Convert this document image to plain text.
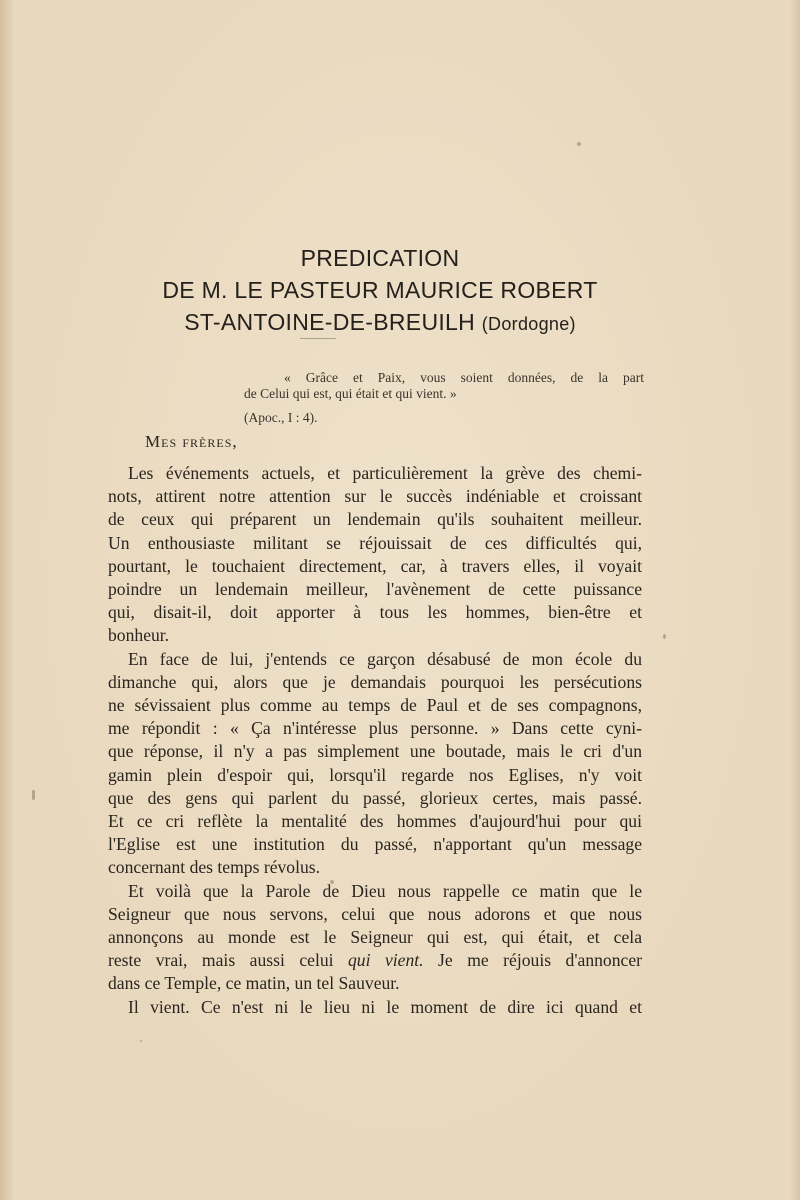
PREDICATION
DE M. LE PASTEUR MAURICE ROBERT
ST-ANTOINE-DE-BREUILH (Dordogne)
« Grâce et Paix, vous soient données, de la part
de Celui qui est, qui était et qui vient. »
(Apoc., I : 4).
Mes frères,
Les événements actuels, et particulièrement la grève des chemi-
nots, attirent notre attention sur le succès indéniable et croissant
de ceux qui préparent un lendemain qu'ils souhaitent meilleur.
Un enthousiaste militant se réjouissait de ces difficultés qui,
pourtant, le touchaient directement, car, à travers elles, il voyait
poindre un lendemain meilleur, l'avènement de cette puissance
qui, disait-il, doit apporter à tous les hommes, bien-être et
bonheur.
En face de lui, j'entends ce garçon désabusé de mon école du
dimanche qui, alors que je demandais pourquoi les persécutions
ne sévissaient plus comme au temps de Paul et de ses compagnons,
me répondit : « Ça n'intéresse plus personne. » Dans cette cyni-
que réponse, il n'y a pas simplement une boutade, mais le cri d'un
gamin plein d'espoir qui, lorsqu'il regarde nos Eglises, n'y voit
que des gens qui parlent du passé, glorieux certes, mais passé.
Et ce cri reflète la mentalité des hommes d'aujourd'hui pour qui
l'Eglise est une institution du passé, n'apportant qu'un message
concernant des temps révolus.
Et voilà que la Parole de Dieu nous rappelle ce matin que le
Seigneur que nous servons, celui que nous adorons et que nous
annonçons au monde est le Seigneur qui est, qui était, et cela
reste vrai, mais aussi celui qui vient. Je me réjouis d'annoncer
dans ce Temple, ce matin, un tel Sauveur.
Il vient. Ce n'est ni le lieu ni le moment de dire ici quand et
